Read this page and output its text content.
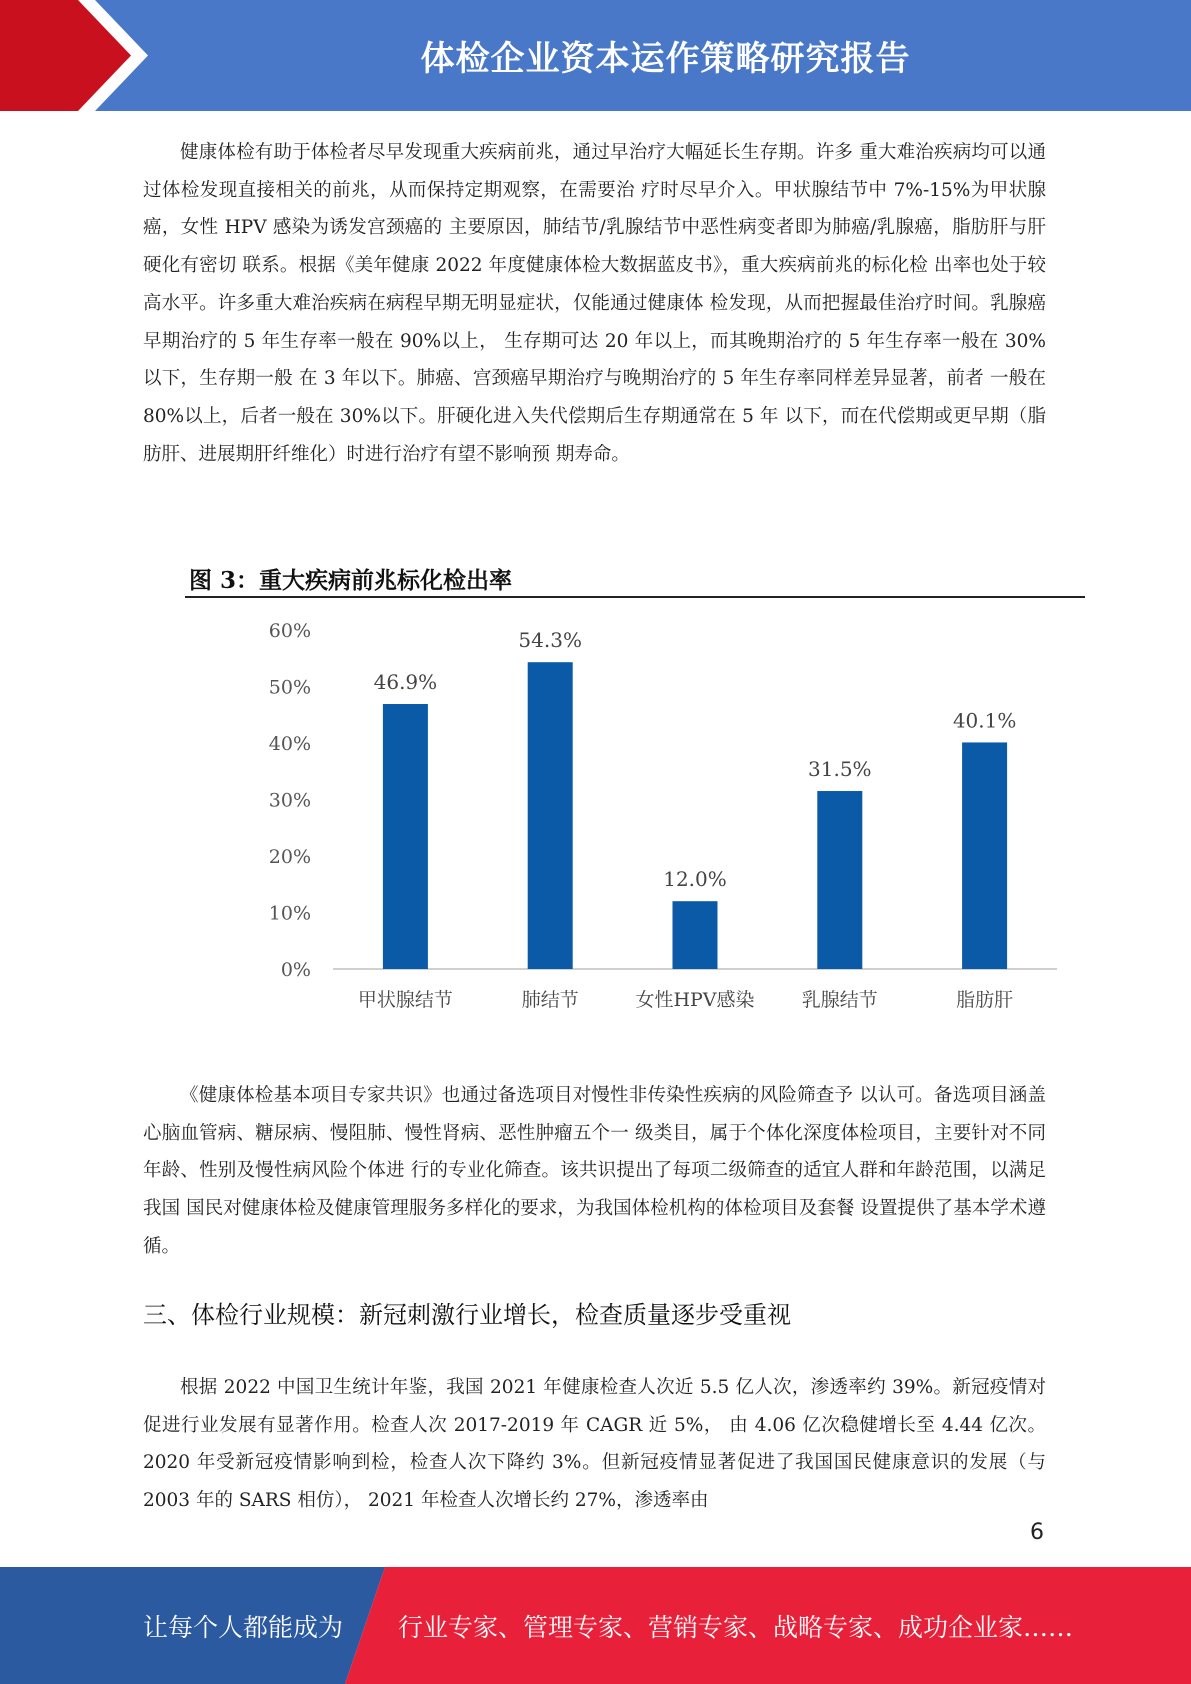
体检企业资本运作策略研究报告
健康体检有助于体检者尽早发现重大疾病前兆，通过早治疗大幅延长生存期。许多 重大难治疾病均可以通过体检发现直接相关的前兆，从而保持定期观察，在需要治 疗时尽早介入。甲状腺结节中 7%-15%为甲状腺癌，女性 HPV 感染为诱发宫颈癌的 主要原因，肺结节/乳腺结节中恶性病变者即为肺癌/乳腺癌，脂肪肝与肝硬化有密切 联系。根据《美年健康 2022 年度健康体检大数据蓝皮书》，重大疾病前兆的标化检 出率也处于较高水平。许多重大难治疾病在病程早期无明显症状，仅能通过健康体 检发现，从而把握最佳治疗时间。乳腺癌早期治疗的 5 年生存率一般在 90%以上， 生存期可达 20 年以上，而其晚期治疗的 5 年生存率一般在 30%以下，生存期一般 在 3 年以下。肺癌、宫颈癌早期治疗与晚期治疗的 5 年生存率同样差异显著，前者 一般在 80%以上，后者一般在 30%以下。肝硬化进入失代偿期后生存期通常在 5 年 以下，而在代偿期或更早期（脂肪肝、进展期肝纤维化）时进行治疗有望不影响预 期寿命。
图 3：重大疾病前兆标化检出率
0%
10%
20%
30%
40%
50%
60%
46.9%
甲状腺结节
54.3%
肺结节
12.0%
女性HPV感染
31.5%
乳腺结节
40.1%
脂肪肝
《健康体检基本项目专家共识》也通过备选项目对慢性非传染性疾病的风险筛查予 以认可。备选项目涵盖心脑血管病、糖尿病、慢阻肺、慢性肾病、恶性肿瘤五个一 级类目，属于个体化深度体检项目，主要针对不同年龄、性别及慢性病风险个体进 行的专业化筛查。该共识提出了每项二级筛查的适宜人群和年龄范围，以满足我国 国民对健康体检及健康管理服务多样化的要求，为我国体检机构的体检项目及套餐 设置提供了基本学术遵循。
三、体检行业规模：新冠刺激行业增长，检查质量逐步受重视
根据 2022 中国卫生统计年鉴，我国 2021 年健康检查人次近 5.5 亿人次，渗透率约 39%。新冠疫情对促进行业发展有显著作用。检查人次 2017-2019 年 CAGR 近 5%， 由 4.06 亿次稳健增长至 4.44 亿次。2020 年受新冠疫情影响到检，检查人次下降约 3%。但新冠疫情显著促进了我国国民健康意识的发展（与 2003 年的 SARS 相仿）， 2021 年检查人次增长约 27%，渗透率由
6
让每个人都能成为 行业专家、管理专家、营销专家、战略专家、成功企业家……
